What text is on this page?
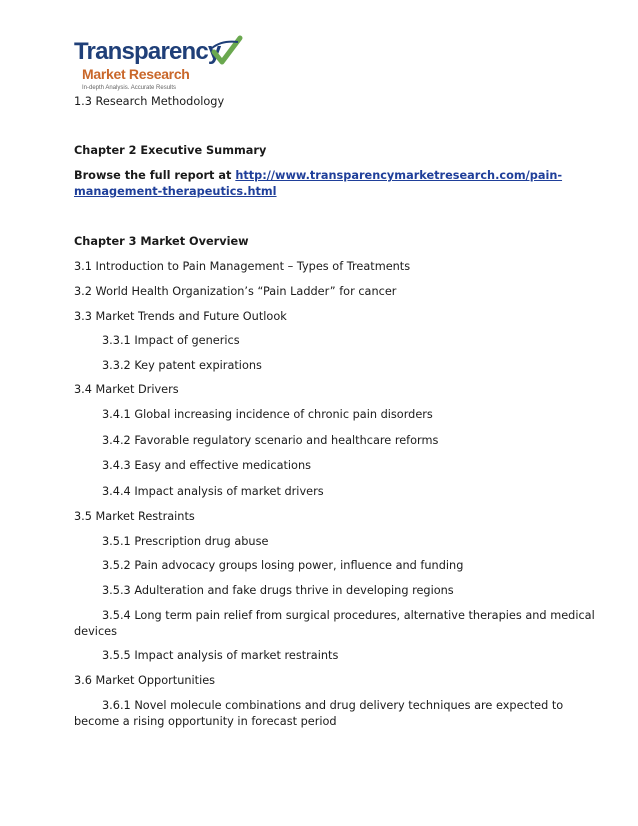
Transparency
Market Research
In-depth Analysis. Accurate Results
1.3 Research Methodology
Chapter 2 Executive Summary
Browse the full report at http://www.transparencymarketresearch.com/pain-
management-therapeutics.html
Chapter 3 Market Overview
3.1 Introduction to Pain Management – Types of Treatments
3.2 World Health Organization’s “Pain Ladder” for cancer
3.3 Market Trends and Future Outlook
3.3.1 Impact of generics
3.3.2 Key patent expirations
3.4 Market Drivers
3.4.1 Global increasing incidence of chronic pain disorders
3.4.2 Favorable regulatory scenario and healthcare reforms
3.4.3 Easy and effective medications
3.4.4 Impact analysis of market drivers
3.5 Market Restraints
3.5.1 Prescription drug abuse
3.5.2 Pain advocacy groups losing power, influence and funding
3.5.3 Adulteration and fake drugs thrive in developing regions
3.5.4 Long term pain relief from surgical procedures, alternative therapies and medical
devices
3.5.5 Impact analysis of market restraints
3.6 Market Opportunities
3.6.1 Novel molecule combinations and drug delivery techniques are expected to
become a rising opportunity in forecast period
